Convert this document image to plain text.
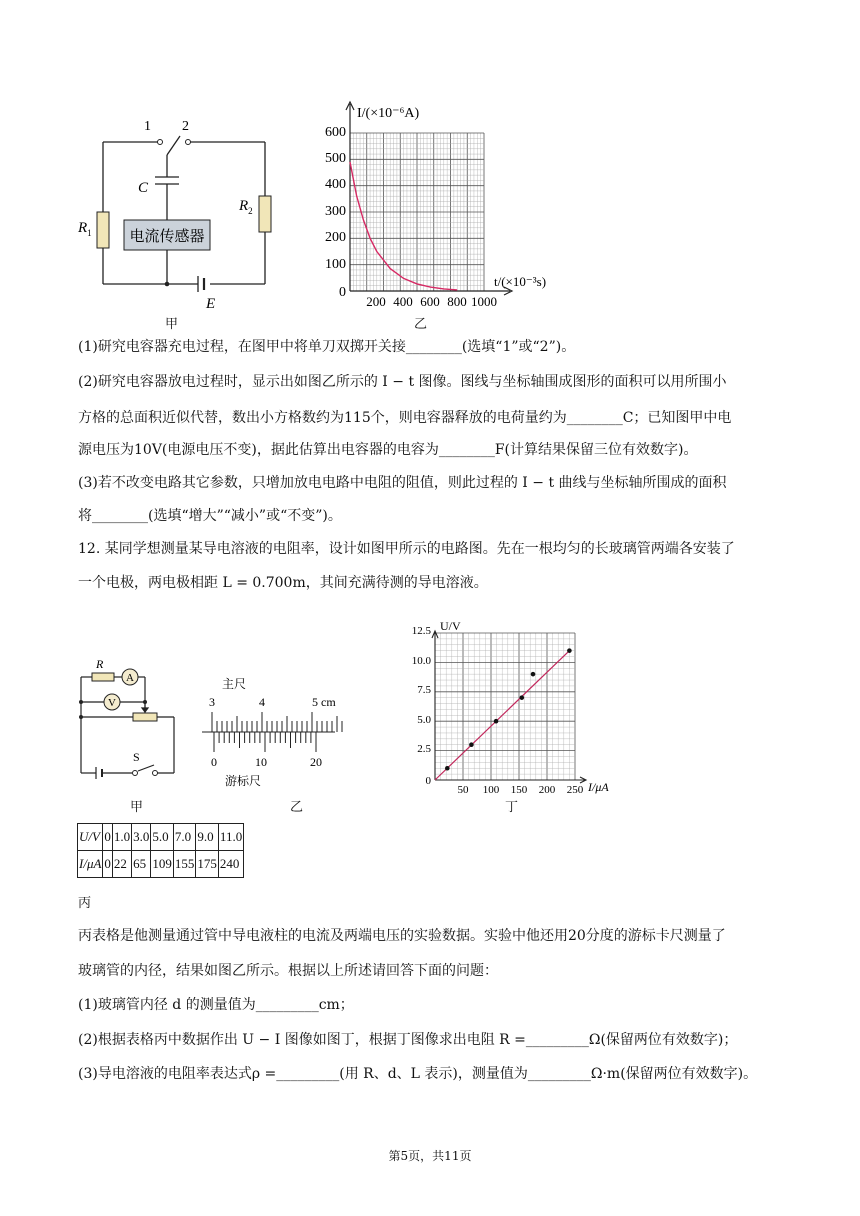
1 2
C
$R_1$
$R_2$
电流传感器
E
甲
I/(×10⁻⁶A)
t/(×10⁻³s)
600
500
400
300
200
100
0
200 400 600 800 1000
乙
(1)研究电容器充电过程，在图甲中将单刀双掷开关接________(选填“1”或“2”)。
(2)研究电容器放电过程时，显示出如图乙所示的 I − t 图像。图线与坐标轴围成图形的面积可以用所围小
方格的总面积近似代替，数出小方格数约为115个，则电容器释放的电荷量约为________C；已知图甲中电
源电压为10V(电源电压不变)，据此估算出电容器的电容为________F(计算结果保留三位有效数字)。
(3)若不改变电路其它参数，只增加放电电路中电阻的阻值，则此过程的 I − t 曲线与坐标轴所围成的面积
将________(选填“增大”“减小”或“不变”)。
12. 某同学想测量某导电溶液的电阻率，设计如图甲所示的电路图。先在一根均匀的长玻璃管两端各安装了
一个电极，两电极相距 L = 0.700m，其间充满待测的导电溶液。
R
A
V
S
甲
主尺
3	4	5 cm
0	10	20
游标尺
乙
U/V
I/μA
12.5
10.0
7.5
5.0
2.5
0
50 100 150 200 250
丁
U/V	0	1.0	3.0	5.0	7.0	9.0	11.0
I/μA	0	22	65	109	155	175	240
丙
丙表格是他测量通过管中导电液柱的电流及两端电压的实验数据。实验中他还用20分度的游标卡尺测量了
玻璃管的内径，结果如图乙所示。根据以上所述请回答下面的问题：
(1)玻璃管内径 d 的测量值为_________cm；
(2)根据表格丙中数据作出 U − I 图像如图丁，根据丁图像求出电阻 R =_________Ω(保留两位有效数字)；
(3)导电溶液的电阻率表达式ρ =_________(用 R、d、L 表示)，测量值为_________Ω·m(保留两位有效数字)。
第5页，共11页
